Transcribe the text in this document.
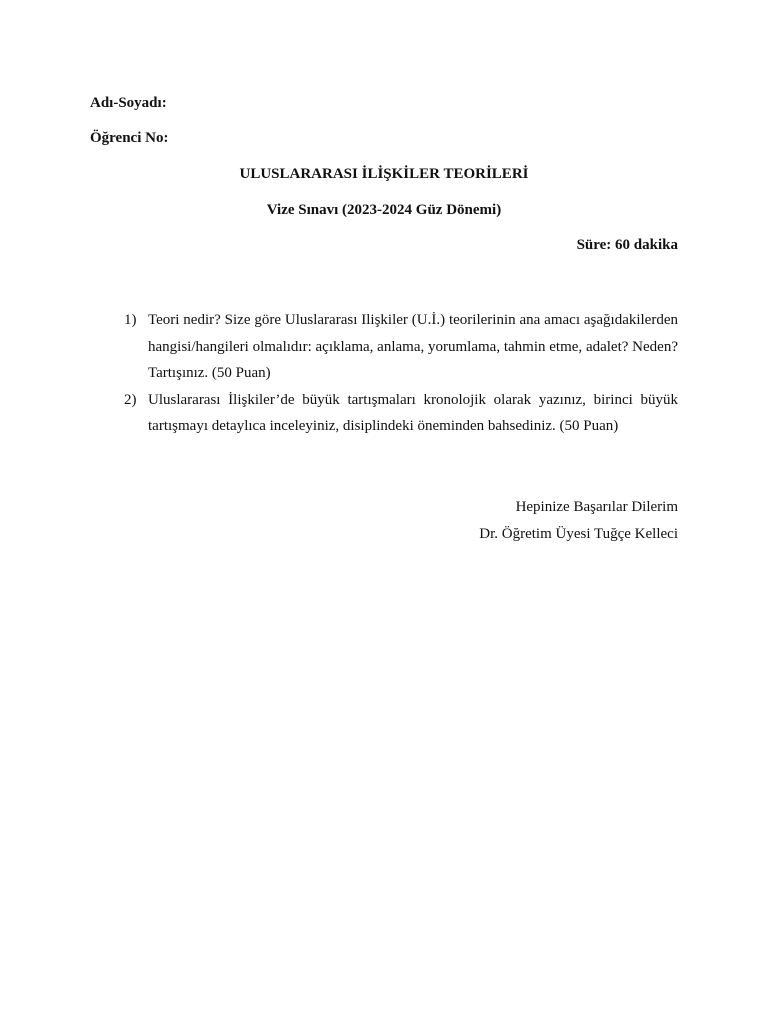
Adı-Soyadı:
Öğrenci No:
ULUSLARARASI İLİŞKİLER TEORİLERİ
Vize Sınavı (2023-2024 Güz Dönemi)
Süre: 60 dakika
1) Teori nedir? Size göre Uluslararası Ilişkiler (U.İ.) teorilerinin ana amacı aşağıdakilerden hangisi/hangileri olmalıdır: açıklama, anlama, yorumlama, tahmin etme, adalet? Neden? Tartışınız. (50 Puan)
2) Uluslararası İlişkiler’de büyük tartışmaları kronolojik olarak yazınız, birinci büyük tartışmayı detaylıca inceleyiniz, disiplindeki öneminden bahsediniz. (50 Puan)
Hepinize Başarılar Dilerim
Dr. Öğretim Üyesi Tuğçe Kelleci
